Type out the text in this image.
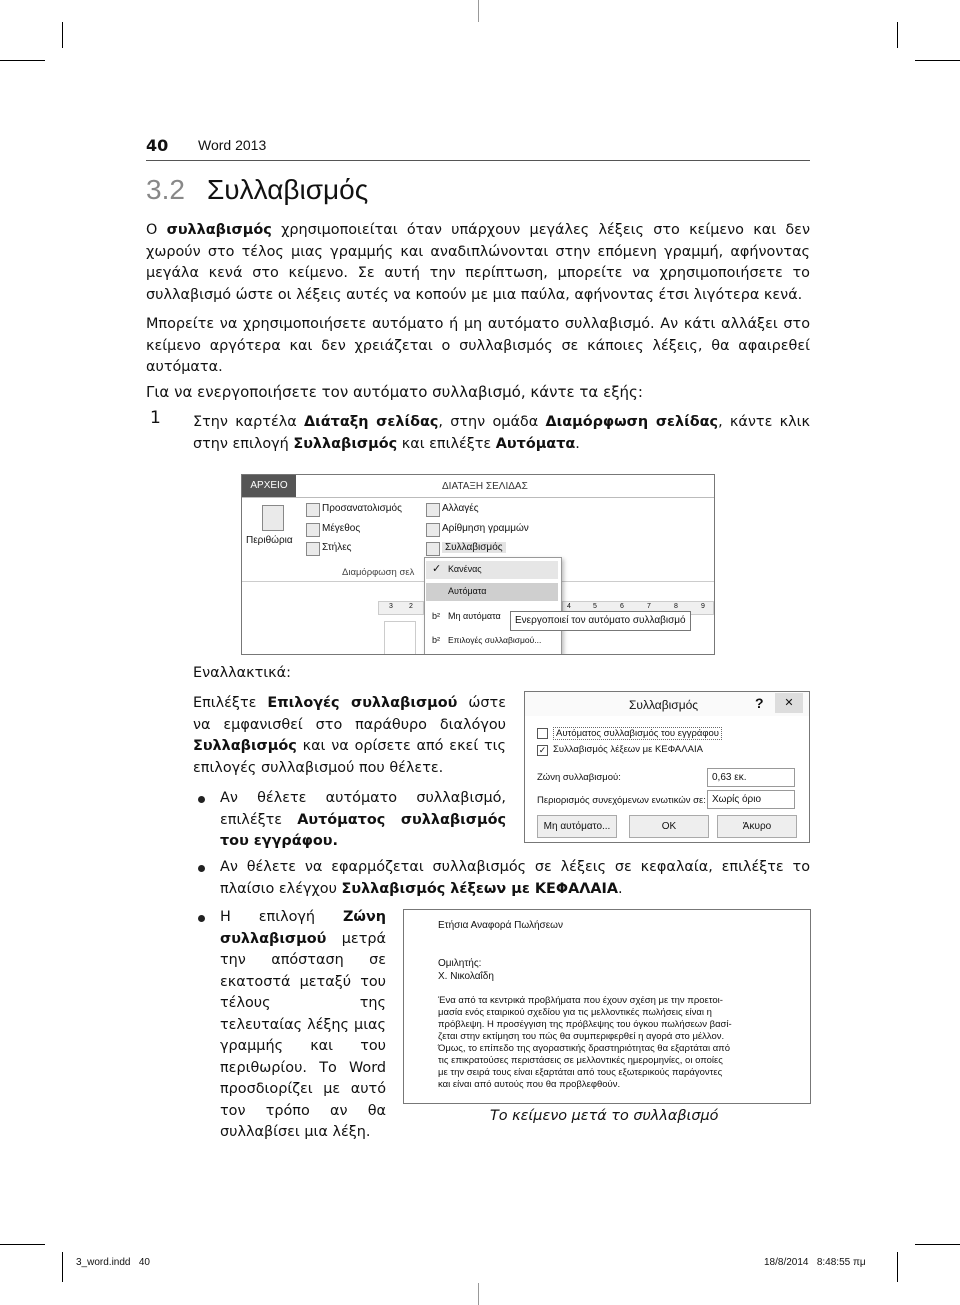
40 Word 2013
3.2 Συλλαβισμός
Ο συλλαβισμός χρησιμοποιείται όταν υπάρχουν μεγάλες λέξεις στο κείμενο και δεν χωρούν στο τέλος μιας γραμμής και αναδιπλώνονται στην επόμενη γραμμή, αφήνοντας μεγάλα κενά στο κείμενο. Σε αυτή την περίπτωση, μπορείτε να χρησιμοποιήσετε το συλλαβισμό ώστε οι λέξεις αυτές να κοπούν με μια παύλα, αφήνοντας έτσι λιγότερα κενά.
Μπορείτε να χρησιμοποιήσετε αυτόματο ή μη αυτόματο συλλαβισμό. Αν κάτι αλλάξει στο κείμενο αργότερα και δεν χρειάζεται ο συλλαβισμός σε κάποιες λέξεις, θα αφαιρεθεί αυτόματα.
Για να ενεργοποιήσετε τον αυτόματο συλλαβισμό, κάντε τα εξής:
1 Στην καρτέλα Διάταξη σελίδας, στην ομάδα Διαμόρφωση σελίδας, κάντε κλικ στην επιλογή Συλλαβισμός και επιλέξτε Αυτόματα.
ΑΡΧΕΙΟ	ΔΙΑΤΑΞΗ ΣΕΛΙΔΑΣ
Περιθώρια
Προσανατολισμός
Μέγεθος
Στήλες
Αλλαγές
Αρίθμηση γραμμών
Συλλαβισμός
Διαμόρφωση σελ
3 2	4	5	6	7	8	9
✓ Κανένας
Αυτόματα
b² Μη αυτόματα
b² Επιλογές συλλαβισμού...
Ενεργοποιεί τον αυτόματο συλλαβισμό
Εναλλακτικά:
Επιλέξτε Επιλογές συλλαβισμού ώστε να εμφανισθεί στο παράθυρο διαλόγου Συλλαβισμός και να ορίσετε από εκεί τις επιλογές συλλαβισμού που θέλετε.
Συλλαβισμός	?	✕
Αυτόματος συλλαβισμός του εγγράφου
✓ Συλλαβισμός λέξεων με ΚΕΦΑΛΑΙΑ
Ζώνη συλλαβισμού:	0,63 εκ.
Περιορισμός συνεχόμενων ενωτικών σε: Χωρίς όριο
Μη αυτόματο...	OK	Άκυρο
Αν θέλετε αυτόματο συλλαβισμό, επιλέξτε Αυτόματος συλλαβισμός του εγγράφου.
Αν θέλετε να εφαρμόζεται συλλαβισμός σε λέξεις σε κεφαλαία, επιλέξτε το πλαίσιο ελέγχου Συλλαβισμός λέξεων με ΚΕΦΑΛΑΙΑ.
Η επιλογή Ζώνη συλλαβισμού μετρά την απόσταση σε εκατοστά μεταξύ του τέλους της τελευταίας λέξης μιας γραμμής και του περιθωρίου. Το Word προσδιορίζει με αυτό τον τρόπο αν θα συλλαβίσει μια λέξη.
Ετήσια Αναφορά Πωλήσεων
Ομιλητής:
Χ. Νικολαΐδη
Ένα από τα κεντρικά προβλήματα που έχουν σχέση με την προετοι-
μασία ενός εταιρικού σχεδίου για τις μελλοντικές πωλήσεις είναι η
πρόβλεψη. Η προσέγγιση της πρόβλεψης του όγκου πωλήσεων βασί-
ζεται στην εκτίμηση του πώς θα συμπεριφερθεί η αγορά στο μέλλον.
Όμως, το επίπεδο της αγοραστικής δραστηριότητας θα εξαρτάται από
τις επικρατούσες περιστάσεις σε μελλοντικές ημερομηνίες, οι οποίες
με την σειρά τους είναι εξαρτάται από τους εξωτερικούς παράγοντες
και είναι από αυτούς που θα προβλεφθούν.
Το κείμενο μετά το συλλαβισμό
3_word.indd   40	18/8/2014   8:48:55 πμ
